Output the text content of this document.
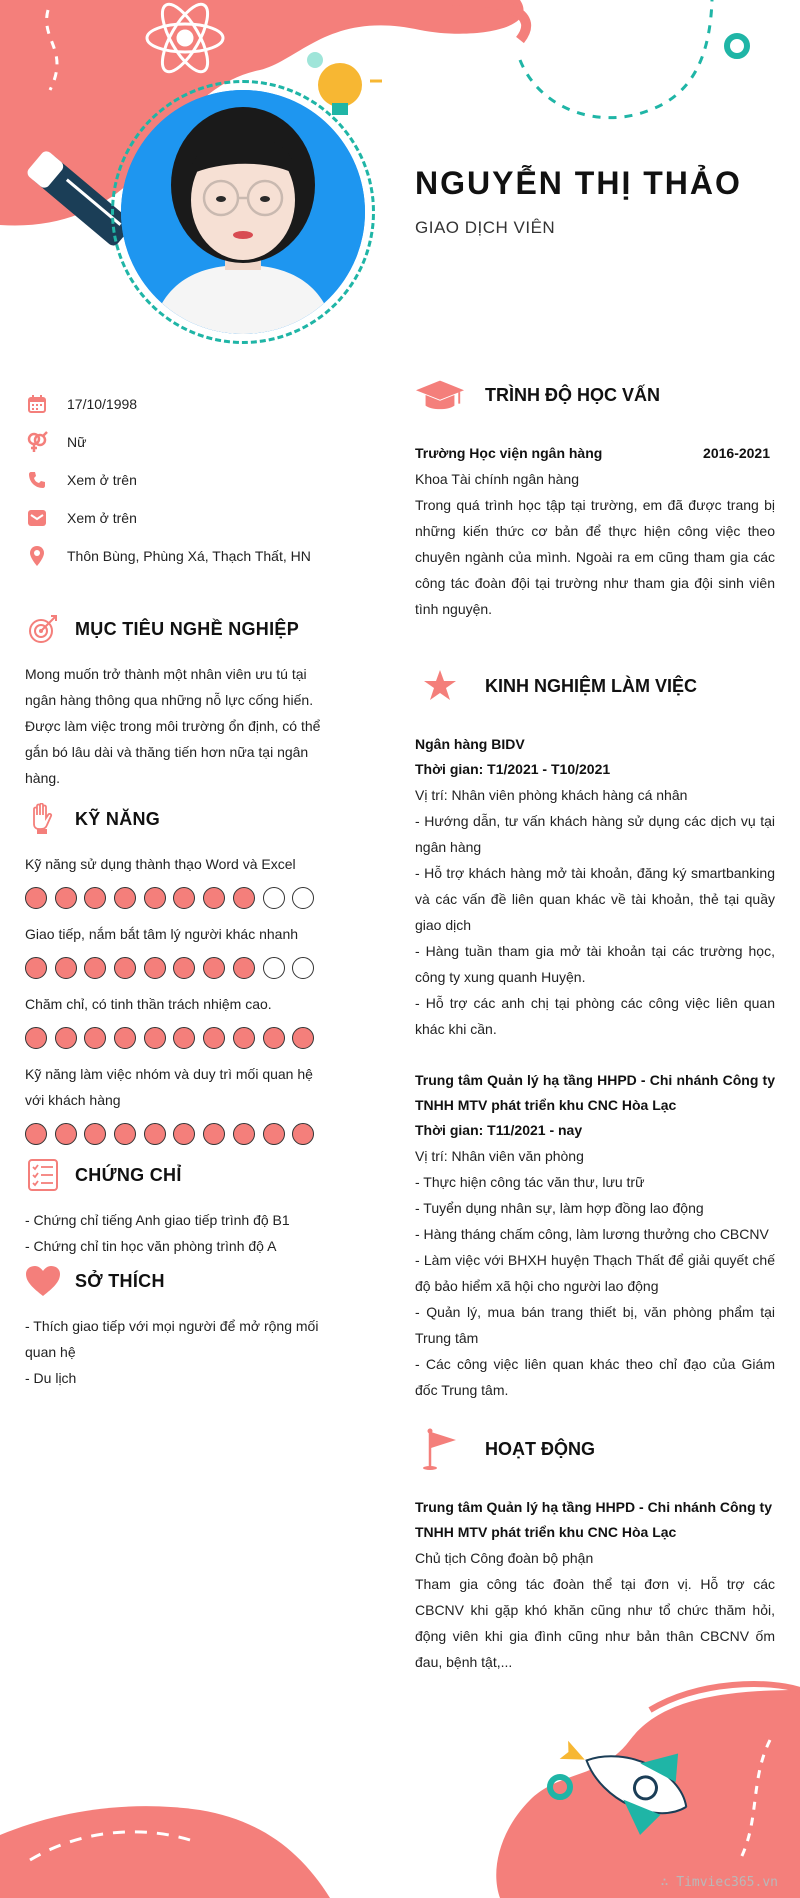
NGUYỄN THỊ THẢO
GIAO DỊCH VIÊN
17/10/1998
Nữ
Xem ở trên
Xem ở trên
Thôn Bùng, Phùng Xá, Thạch Thất, HN
MỤC TIÊU NGHỀ NGHIỆP
Mong muốn trở thành một nhân viên ưu tú tại ngân hàng thông qua những nỗ lực cống hiến. Được làm việc trong môi trường ổn định, có thể gắn bó lâu dài và thăng tiến hơn nữa tại ngân hàng.
KỸ NĂNG
Kỹ năng sử dụng thành thạo Word và Excel
Giao tiếp, nắm bắt tâm lý người khác nhanh
Chăm chỉ, có tinh thần trách nhiệm cao.
Kỹ năng làm việc nhóm và duy trì mối quan hệ với khách hàng
CHỨNG CHỈ
- Chứng chỉ tiếng Anh giao tiếp trình độ B1
- Chứng chỉ tin học văn phòng trình độ A
SỞ THÍCH
- Thích giao tiếp với mọi người để mở rộng mối quan hệ
- Du lịch
TRÌNH ĐỘ HỌC VẤN
Trường Học viện ngân hàng	2016-2021
Khoa Tài chính ngân hàng
Trong quá trình học tập tại trường, em đã được trang bị những kiến thức cơ bản để thực hiện công việc theo chuyên ngành của mình. Ngoài ra em cũng tham gia các công tác đoàn đội tại trường như tham gia đội sinh viên tình nguyện.
KINH NGHIỆM LÀM VIỆC
Ngân hàng BIDV
Thời gian: T1/2021 - T10/2021
Vị trí: Nhân viên phòng khách hàng cá nhân
- Hướng dẫn, tư vấn khách hàng sử dụng các dịch vụ tại ngân hàng
- Hỗ trợ khách hàng mở tài khoản, đăng ký smartbanking và các vấn đề liên quan khác về tài khoản, thẻ tại quầy giao dịch
- Hàng tuần tham gia mở tài khoản tại các trường học, công ty xung quanh Huyện.
- Hỗ trợ các anh chị tại phòng các công việc liên quan khác khi cần.
Trung tâm Quản lý hạ tầng HHPD - Chi nhánh Công ty TNHH MTV phát triển khu CNC Hòa Lạc
Thời gian: T11/2021 - nay
Vị trí: Nhân viên văn phòng
- Thực hiện công tác văn thư, lưu trữ
- Tuyển dụng nhân sự, làm hợp đồng lao động
- Hàng tháng chấm công, làm lương thưởng cho CBCNV
- Làm việc với BHXH huyện Thạch Thất để giải quyết chế độ bảo hiểm xã hội cho người lao động
- Quản lý, mua bán trang thiết bị, văn phòng phẩm tại Trung tâm
- Các công việc liên quan khác theo chỉ đạo của Giám đốc Trung tâm.
HOẠT ĐỘNG
Trung tâm Quản lý hạ tầng HHPD - Chi nhánh Công ty TNHH MTV phát triển khu CNC Hòa Lạc
Chủ tịch Công đoàn bộ phận
Tham gia công tác đoàn thể tại đơn vị. Hỗ trợ các CBCNV khi gặp khó khăn cũng như tổ chức thăm hỏi, động viên khi gia đình cũng như bản thân CBCNV ốm đau, bệnh tật,...
∴ Timviec365.vn
